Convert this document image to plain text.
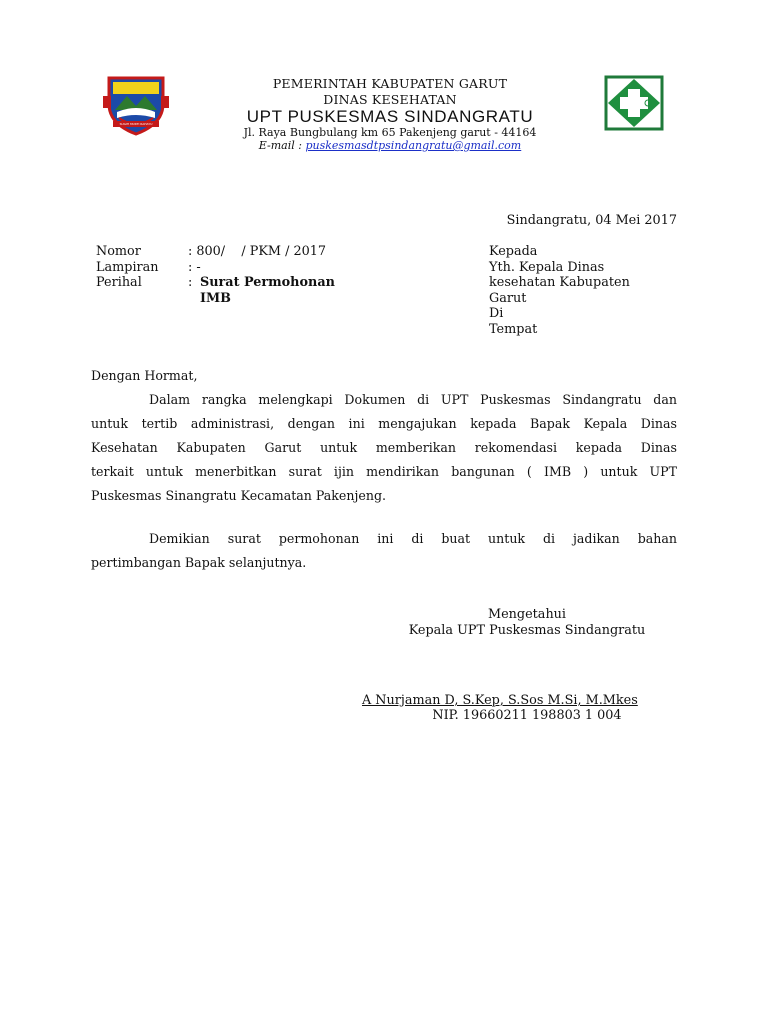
SUGIH MUKTI RAHAYU
PEMERINTAH KABUPATEN GARUT
DINAS KESEHATAN
UPT PUSKESMAS SINDANGRATU
Jl. Raya Bungbulang km 65 Pakenjeng garut - 44164
E-mail : puskesmasdtpsindangratu@gmail.com
Sindangratu, 04 Mei 2017
Nomor	: 800/    / PKM / 2017
Lampiran : -
Perihal	: Surat Permohonan
IMB
Kepada
Yth. Kepala Dinas
kesehatan Kabupaten
Garut
Di
Tempat
Dengan Hormat,
Dalam rangka melengkapi Dokumen di UPT Puskesmas Sindangratu dan
untuk tertib administrasi, dengan ini mengajukan kepada Bapak Kepala Dinas
Kesehatan Kabupaten Garut untuk memberikan rekomendasi kepada Dinas
terkait untuk menerbitkan surat ijin mendirikan bangunan ( IMB ) untuk UPT
Puskesmas Sinangratu Kecamatan Pakenjeng.
Demikian surat permohonan ini di buat untuk di jadikan bahan
pertimbangan Bapak selanjutnya.
Mengetahui
Kepala UPT Puskesmas Sindangratu
A Nurjaman D, S.Kep, S.Sos M.Si, M.Mkes
NIP. 19660211 198803 1 004
